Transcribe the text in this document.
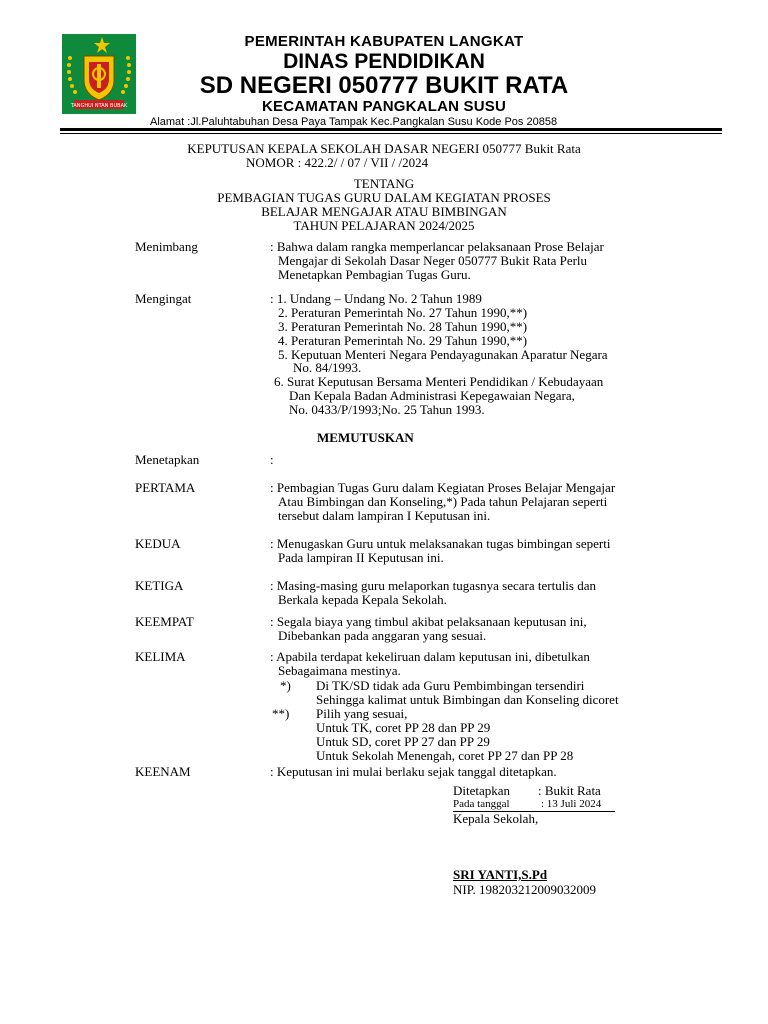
TANGHUI NTAN BUBAK
PEMERINTAH KABUPATEN LANGKAT
DINAS PENDIDIKAN
SD NEGERI 050777 BUKIT RATA
KECAMATAN PANGKALAN SUSU
Alamat :Jl.Paluhtabuhan Desa Paya Tampak Kec.Pangkalan Susu Kode Pos 20858
KEPUTUSAN KEPALA SEKOLAH DASAR NEGERI 050777 Bukit Rata
NOMOR : 422.2/ / 07 / VII / /2024
TENTANG
PEMBAGIAN TUGAS GURU DALAM KEGIATAN PROSES
BELAJAR MENGAJAR ATAU BIMBINGAN
TAHUN PELAJARAN 2024/2025
Menimbang	: Bahwa dalam rangka memperlancar pelaksanaan Prose Belajar
Mengajar di Sekolah Dasar Neger 050777 Bukit Rata Perlu
Menetapkan Pembagian Tugas Guru.
Mengingat	: 1. Undang – Undang No. 2 Tahun 1989
2. Peraturan Pemerintah No. 27 Tahun 1990,**)
3. Peraturan Pemerintah No. 28 Tahun 1990,**)
4. Peraturan Pemerintah No. 29 Tahun 1990,**)
5. Keputuan Menteri Negara Pendayagunakan Aparatur Negara
No. 84/1993.
6. Surat Keputusan Bersama Menteri Pendidikan / Kebudayaan
Dan Kepala Badan Administrasi Kepegawaian Negara,
No. 0433/P/1993;No. 25 Tahun 1993.
MEMUTUSKAN
Menetapkan	:
PERTAMA	: Pembagian Tugas Guru dalam Kegiatan Proses Belajar Mengajar
Atau Bimbingan dan Konseling,*) Pada tahun Pelajaran seperti
tersebut dalam lampiran I Keputusan ini.
KEDUA	: Menugaskan Guru untuk melaksanakan tugas bimbingan seperti
Pada lampiran II Keputusan ini.
KETIGA	: Masing-masing guru melaporkan tugasnya secara tertulis dan
Berkala kepada Kepala Sekolah.
KEEMPAT	: Segala biaya yang timbul akibat pelaksanaan keputusan ini,
Dibebankan pada anggaran yang sesuai.
KELIMA	: Apabila terdapat kekeliruan dalam keputusan ini, dibetulkan
Sebagaimana mestinya.
*) Di TK/SD tidak ada Guru Pembimbingan tersendiri
Sehingga kalimat untuk Bimbingan dan Konseling dicoret
**) Pilih yang sesuai,
Untuk TK, coret PP 28 dan PP 29
Untuk SD, coret PP 27 dan PP 29
Untuk Sekolah Menengah, coret PP 27 dan PP 28
KEENAM	: Keputusan ini mulai berlaku sejak tanggal ditetapkan.
Ditetapkan : Bukit Rata
Pada tanggal	: 13 Juli 2024
Kepala Sekolah,
SRI YANTI,S.Pd
NIP. 198203212009032009
